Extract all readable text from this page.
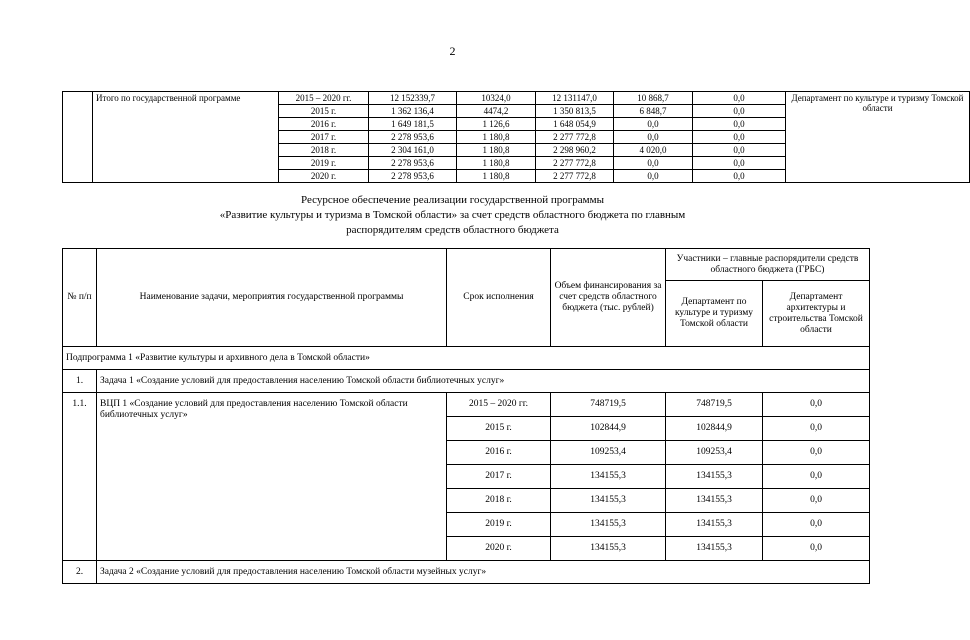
2
	Итого по государственной программе	2015 – 2020 гг.	12 152339,7	10324,0	12 131147,0	10 868,7	0,0	Департамент по культуре и туризму Томской области
		2015 г.	1 362 136,4	4474,2	1 350 813,5	6 848,7	0,0	
		2016 г.	1 649 181,5	1 126,6	1 648 054,9	0,0	0,0	
		2017 г.	2 278 953,6	1 180,8	2 277 772,8	0,0	0,0	
		2018 г.	2 304 161,0	1 180,8	2 298 960,2	4 020,0	0,0	
		2019 г.	2 278 953,6	1 180,8	2 277 772,8	0,0	0,0	
		2020 г.	2 278 953,6	1 180,8	2 277 772,8	0,0	0,0	
Ресурсное обеспечение реализации государственной программы
«Развитие культуры и туризма в Томской области» за счет средств областного бюджета по главным
распорядителям средств областного бюджета
№ п/п	Наименование задачи, мероприятия государственной программы	Срок исполнения	Объем финансирования за счет средств областного бюджета (тыс. рублей)	Участники – главные распорядители средств областного бюджета (ГРБС)	
				Департамент по культуре и туризму Томской области	Департамент архитектуры и строительства Томской области
Подпрограмма 1 «Развитие культуры и архивного дела в Томской области»					
1.	Задача 1 «Создание условий для предоставления населению Томской области библиотечных услуг»				
1.1.	ВЦП 1 «Создание условий для предоставления населению Томской области библиотечных услуг»	2015 – 2020 гг.	748719,5	748719,5	0,0
		2015 г.	102844,9	102844,9	0,0
		2016 г.	109253,4	109253,4	0,0
		2017 г.	134155,3	134155,3	0,0
		2018 г.	134155,3	134155,3	0,0
		2019 г.	134155,3	134155,3	0,0
		2020 г.	134155,3	134155,3	0,0
2.	Задача 2 «Создание условий для предоставления населению Томской области музейных услуг»				
